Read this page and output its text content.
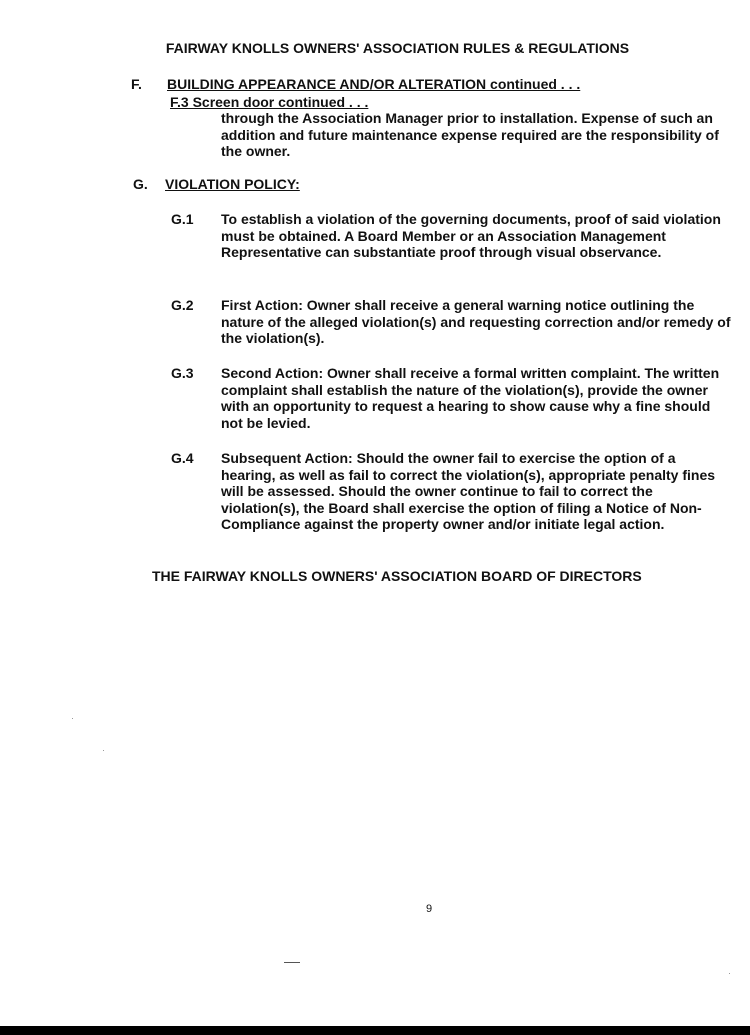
FAIRWAY KNOLLS OWNERS' ASSOCIATION RULES & REGULATIONS
F. BUILDING APPEARANCE AND/OR ALTERATION continued . . .
F.3 Screen door continued . . .
through the Association Manager prior to installation. Expense of such an addition and future maintenance expense required are the responsibility of the owner.
G. VIOLATION POLICY:
G.1	To establish a violation of the governing documents, proof of said violation must be obtained. A Board Member or an Association Management Representative can substantiate proof through visual observance.
G.2	First Action: Owner shall receive a general warning notice outlining the nature of the alleged violation(s) and requesting correction and/or remedy of the violation(s).
G.3	Second Action: Owner shall receive a formal written complaint. The written complaint shall establish the nature of the violation(s), provide the owner with an opportunity to request a hearing to show cause why a fine should not be levied.
G.4	Subsequent Action: Should the owner fail to exercise the option of a hearing, as well as fail to correct the violation(s), appropriate penalty fines will be assessed. Should the owner continue to fail to correct the violation(s), the Board shall exercise the option of filing a Notice of Non-Compliance against the property owner and/or initiate legal action.
THE FAIRWAY KNOLLS OWNERS' ASSOCIATION BOARD OF DIRECTORS
9
